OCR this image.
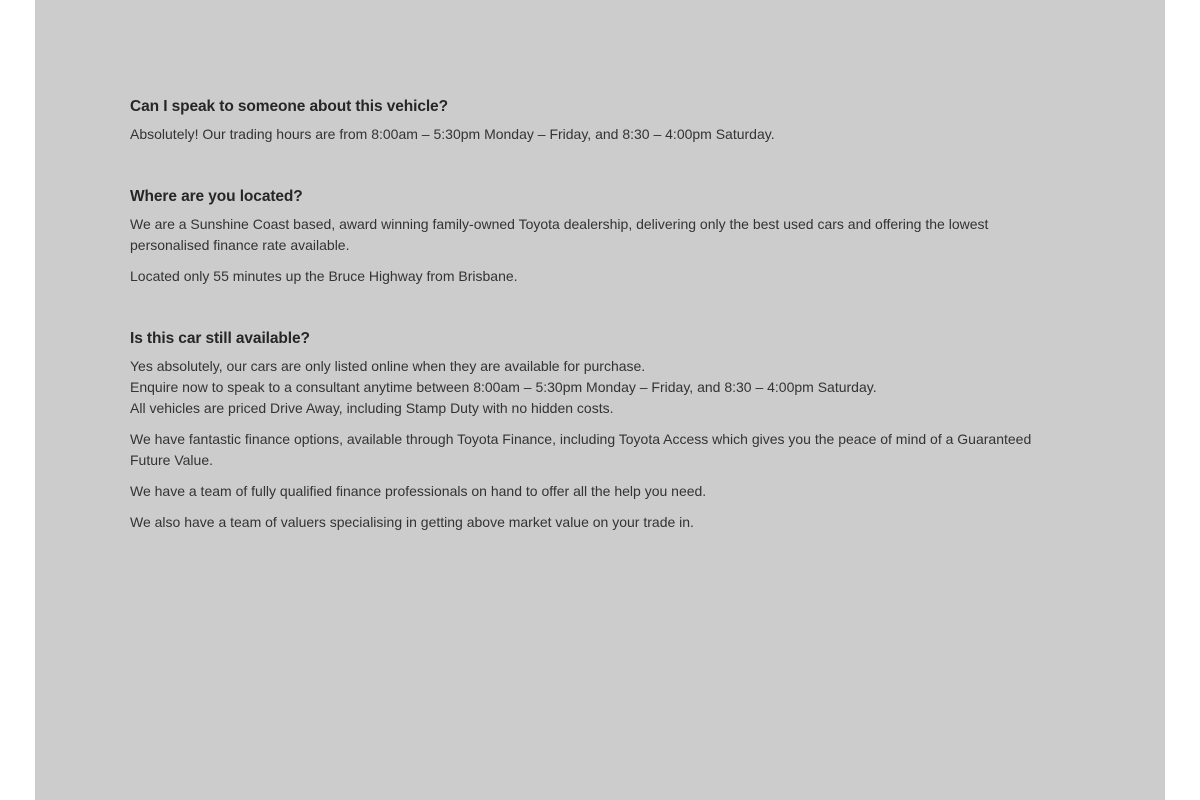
Can I speak to someone about this vehicle?
Absolutely! Our trading hours are from 8:00am – 5:30pm Monday – Friday, and 8:30 – 4:00pm Saturday.
Where are you located?
We are a Sunshine Coast based, award winning family-owned Toyota dealership, delivering only the best used cars and offering the lowest
personalised finance rate available.
Located only 55 minutes up the Bruce Highway from Brisbane.
Is this car still available?
Yes absolutely, our cars are only listed online when they are available for purchase.
Enquire now to speak to a consultant anytime between 8:00am – 5:30pm Monday – Friday, and 8:30 – 4:00pm Saturday.
All vehicles are priced Drive Away, including Stamp Duty with no hidden costs.
We have fantastic finance options, available through Toyota Finance, including Toyota Access which gives you the peace of mind of a Guaranteed
Future Value.
We have a team of fully qualified finance professionals on hand to offer all the help you need.
We also have a team of valuers specialising in getting above market value on your trade in.
